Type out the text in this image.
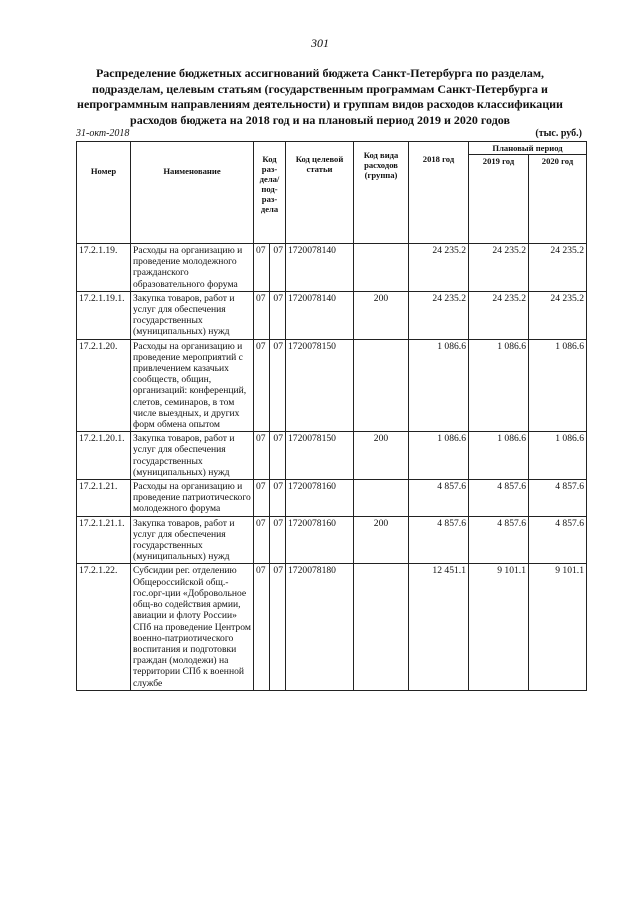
301
Распределение бюджетных ассигнований бюджета Санкт-Петербурга по разделам, подразделам, целевым статьям (государственным программам Санкт-Петербурга и непрограммным направлениям деятельности) и группам видов расходов классификации расходов бюджета на 2018 год и на плановый период 2019 и 2020 годов
31-окт-2018	(тыс. руб.)
Номер	Наименование	Код раз-дела/ под-раз-дела		Код целевой статьи	Код вида расходов (группа)	2018 год	Плановый период	
							2019 год	2020 год
17.2.1.19.	Расходы на организацию и проведение молодежного гражданского образовательного форума	07	07	1720078140		24 235.2	24 235.2	24 235.2
17.2.1.19.1.	Закупка товаров, работ и услуг для обеспечения государственных (муниципальных) нужд	07	07	1720078140	200	24 235.2	24 235.2	24 235.2
17.2.1.20.	Расходы на организацию и проведение мероприятий с привлечением казачьих сообществ, общин, организаций: конференций, слетов, семинаров, в том числе выездных, и других форм обмена опытом	07	07	1720078150		1 086.6	1 086.6	1 086.6
17.2.1.20.1.	Закупка товаров, работ и услуг для обеспечения государственных (муниципальных) нужд	07	07	1720078150	200	1 086.6	1 086.6	1 086.6
17.2.1.21.	Расходы на организацию и проведение патриотического молодежного форума	07	07	1720078160		4 857.6	4 857.6	4 857.6
17.2.1.21.1.	Закупка товаров, работ и услуг для обеспечения государственных (муниципальных) нужд	07	07	1720078160	200	4 857.6	4 857.6	4 857.6
17.2.1.22.	Субсидии рег. отделению Общероссийской общ.-гос.орг-ции «Добровольное общ-во содействия армии, авиации и флоту России» СПб на проведение Центром военно-патриотического воспитания и подготовки граждан (молодежи) на территории СПб к военной службе	07	07	1720078180		12 451.1	9 101.1	9 101.1
